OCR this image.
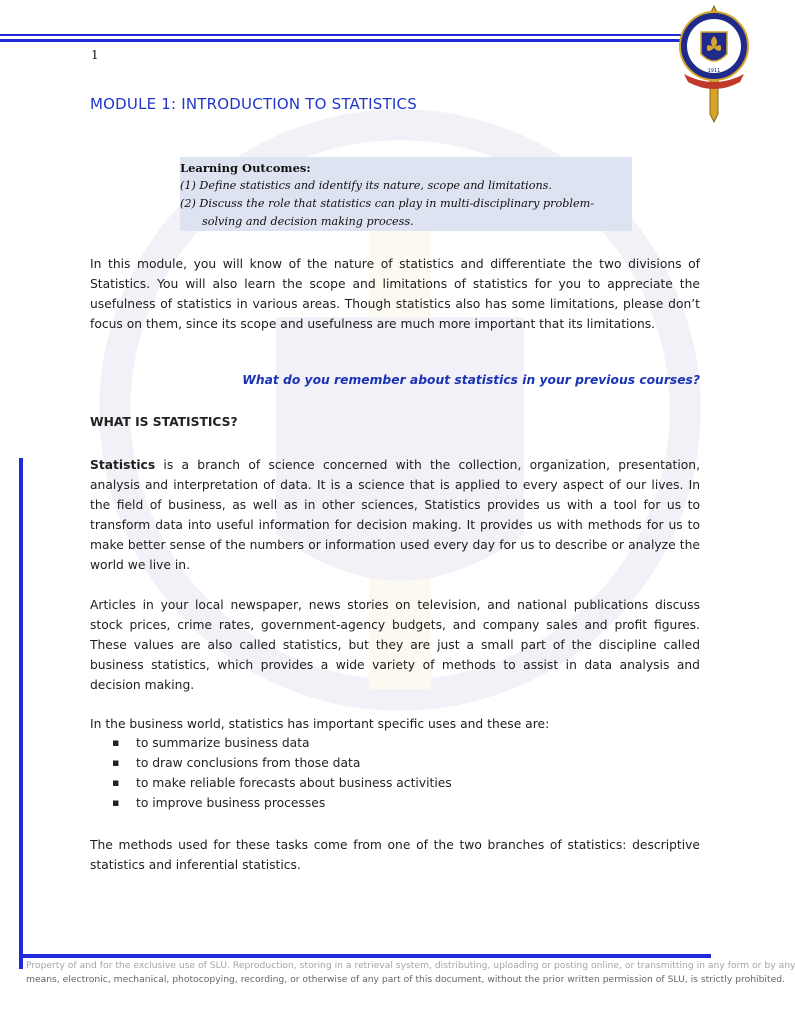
1
1911
MODULE 1: INTRODUCTION TO STATISTICS
Learning Outcomes:
(1) Define statistics and identify its nature, scope and limitations.
(2) Discuss the role that statistics can play in multi-disciplinary problem-solving and decision making process.
In this module, you will know of the nature of statistics and differentiate the two divisions of Statistics. You will also learn the scope and limitations of statistics for you to appreciate the usefulness of statistics in various areas. Though statistics also has some limitations, please don’t focus on them, since its scope and usefulness are much more important that its limitations.
What do you remember about statistics in your previous courses?
WHAT IS STATISTICS?
Statistics is a branch of science concerned with the collection, organization, presentation, analysis and interpretation of data. It is a science that is applied to every aspect of our lives. In the field of business, as well as in other sciences, Statistics provides us with a tool for us to transform data into useful information for decision making. It provides us with methods for us to make better sense of the numbers or information used every day for us to describe or analyze the world we live in.
Articles in your local newspaper, news stories on television, and national publications discuss stock prices, crime rates, government-agency budgets, and company sales and profit figures. These values are also called statistics, but they are just a small part of the discipline called business statistics, which provides a wide variety of methods to assist in data analysis and decision making.
In the business world, statistics has important specific uses and these are:
▪ to summarize business data
▪ to draw conclusions from those data
▪ to make reliable forecasts about business activities
▪ to improve business processes
The methods used for these tasks come from one of the two branches of statistics: descriptive statistics and inferential statistics.
Property of and for the exclusive use of SLU. Reproduction, storing in a retrieval system, distributing, uploading or posting online, or transmitting in any form or by any
means, electronic, mechanical, photocopying, recording, or otherwise of any part of this document, without the prior written permission of SLU, is strictly prohibited.
